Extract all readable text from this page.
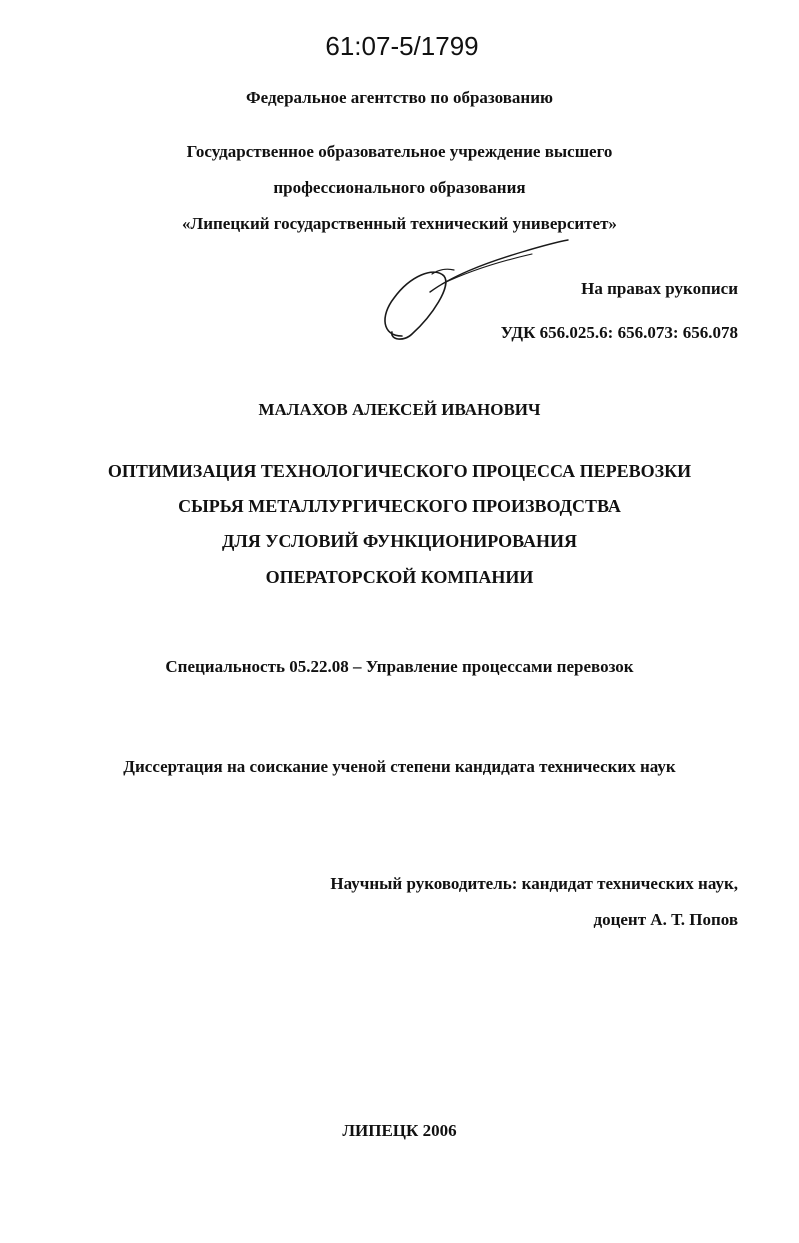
61:07-5/1799
Федеральное агентство по образованию
Государственное образовательное учреждение высшего
профессионального образования
«Липецкий государственный технический университет»
На правах рукописи
УДК 656.025.6: 656.073: 656.078
МАЛАХОВ АЛЕКСЕЙ ИВАНОВИЧ
ОПТИМИЗАЦИЯ ТЕХНОЛОГИЧЕСКОГО ПРОЦЕССА ПЕРЕВОЗКИ
СЫРЬЯ МЕТАЛЛУРГИЧЕСКОГО ПРОИЗВОДСТВА
ДЛЯ УСЛОВИЙ ФУНКЦИОНИРОВАНИЯ
ОПЕРАТОРСКОЙ КОМПАНИИ
Специальность 05.22.08 – Управление процессами перевозок
Диссертация на соискание ученой степени кандидата технических наук
Научный руководитель: кандидат технических наук,
доцент А. Т. Попов
ЛИПЕЦК 2006
